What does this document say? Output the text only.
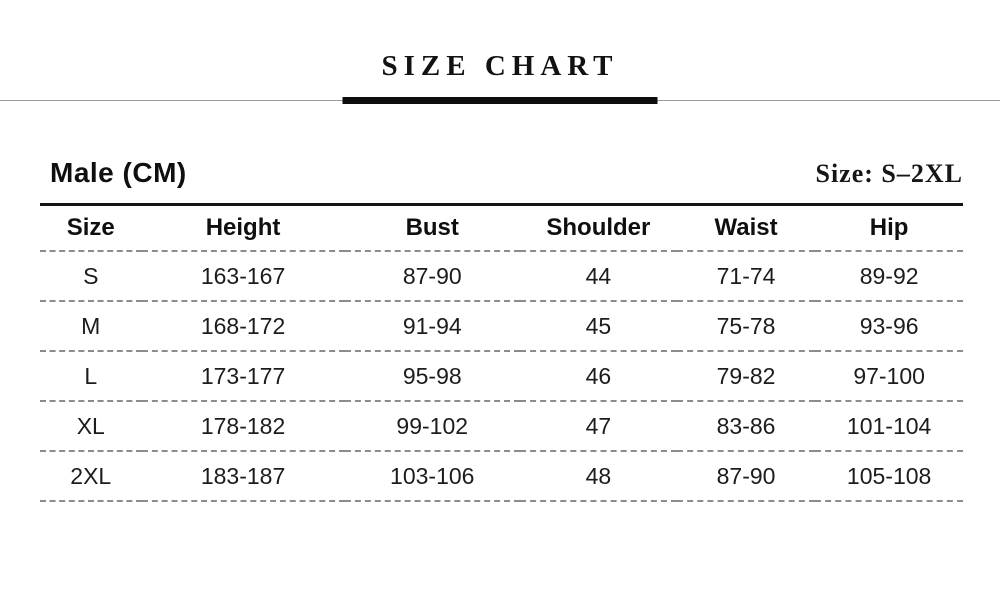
SIZE CHART
Male (CM)	Size: S–2XL
Size	Height	Bust	Shoulder	Waist	Hip
S	163-167	87-90	44	71-74	89-92
M	168-172	91-94	45	75-78	93-96
L	173-177	95-98	46	79-82	97-100
XL	178-182	99-102	47	83-86	101-104
2XL	183-187	103-106	48	87-90	105-108
